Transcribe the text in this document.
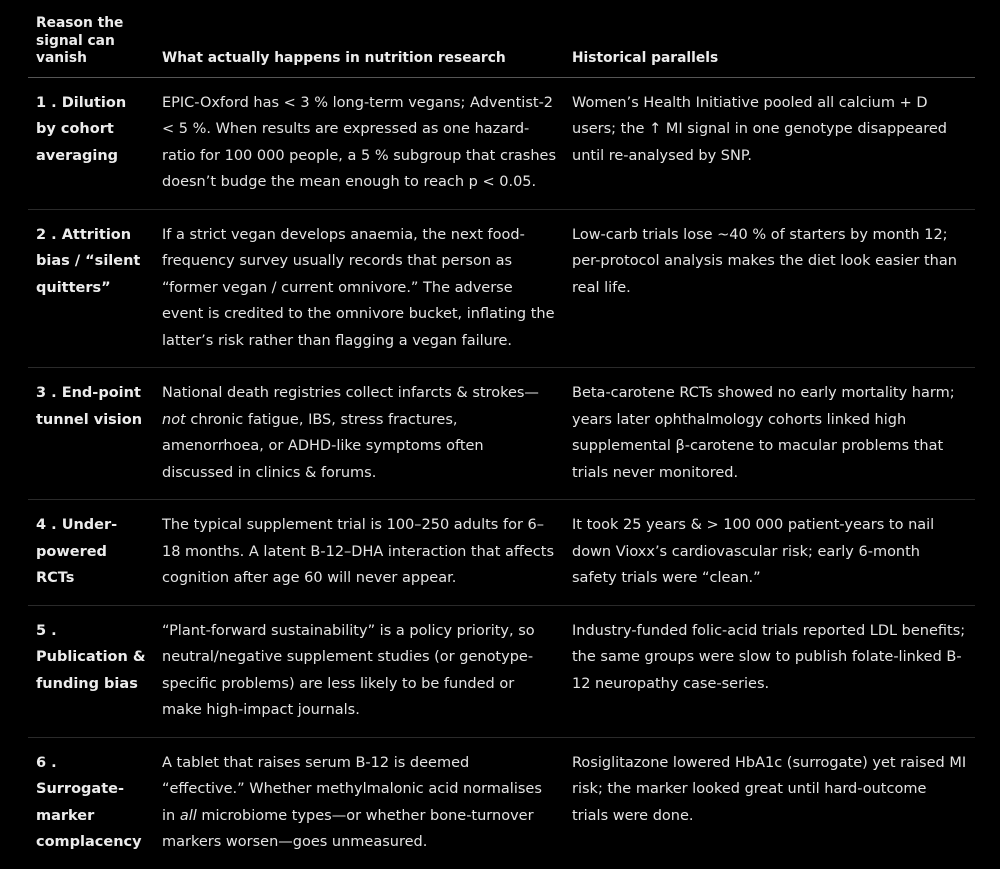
Reason the signal can vanish	What actually happens in nutrition research	Historical parallels
1 . Dilution by cohort averaging	EPIC-Oxford has < 3 % long-term vegans; Adventist-2 < 5 %. When results are expressed as one hazard-ratio for 100 000 people, a 5 % subgroup that crashes doesn’t budge the mean enough to reach p < 0.05.	Women’s Health Initiative pooled all calcium + D users; the ↑ MI signal in one genotype disappeared until re-analysed by SNP.
2 . Attrition bias / “silent quitters”	If a strict vegan develops anaemia, the next food-frequency survey usually records that person as “former vegan / current omnivore.” The adverse event is credited to the omnivore bucket, inflating the latter’s risk rather than flagging a vegan failure.	Low-carb trials lose ~40 % of starters by month 12; per-protocol analysis makes the diet look easier than real life.
3 . End-point tunnel vision	National death registries collect infarcts & strokes—not chronic fatigue, IBS, stress fractures, amenorrhoea, or ADHD-like symptoms often discussed in clinics & forums.	Beta-carotene RCTs showed no early mortality harm; years later ophthalmology cohorts linked high supplemental β-carotene to macular problems that trials never monitored.
4 . Under-powered RCTs	The typical supplement trial is 100–250 adults for 6–18 months. A latent B-12–DHA interaction that affects cognition after age 60 will never appear.	It took 25 years & > 100 000 patient-years to nail down Vioxx’s cardiovascular risk; early 6-month safety trials were “clean.”
5 . Publication & funding bias	“Plant-forward sustainability” is a policy priority, so neutral/negative supplement studies (or genotype-specific problems) are less likely to be funded or make high-impact journals.	Industry-funded folic-acid trials reported LDL benefits; the same groups were slow to publish folate-linked B-12 neuropathy case-series.
6 . Surrogate-marker complacency	A tablet that raises serum B-12 is deemed “effective.” Whether methylmalonic acid normalises in all microbiome types—or whether bone-turnover markers worsen—goes unmeasured.	Rosiglitazone lowered HbA1c (surrogate) yet raised MI risk; the marker looked great until hard-outcome trials were done.
